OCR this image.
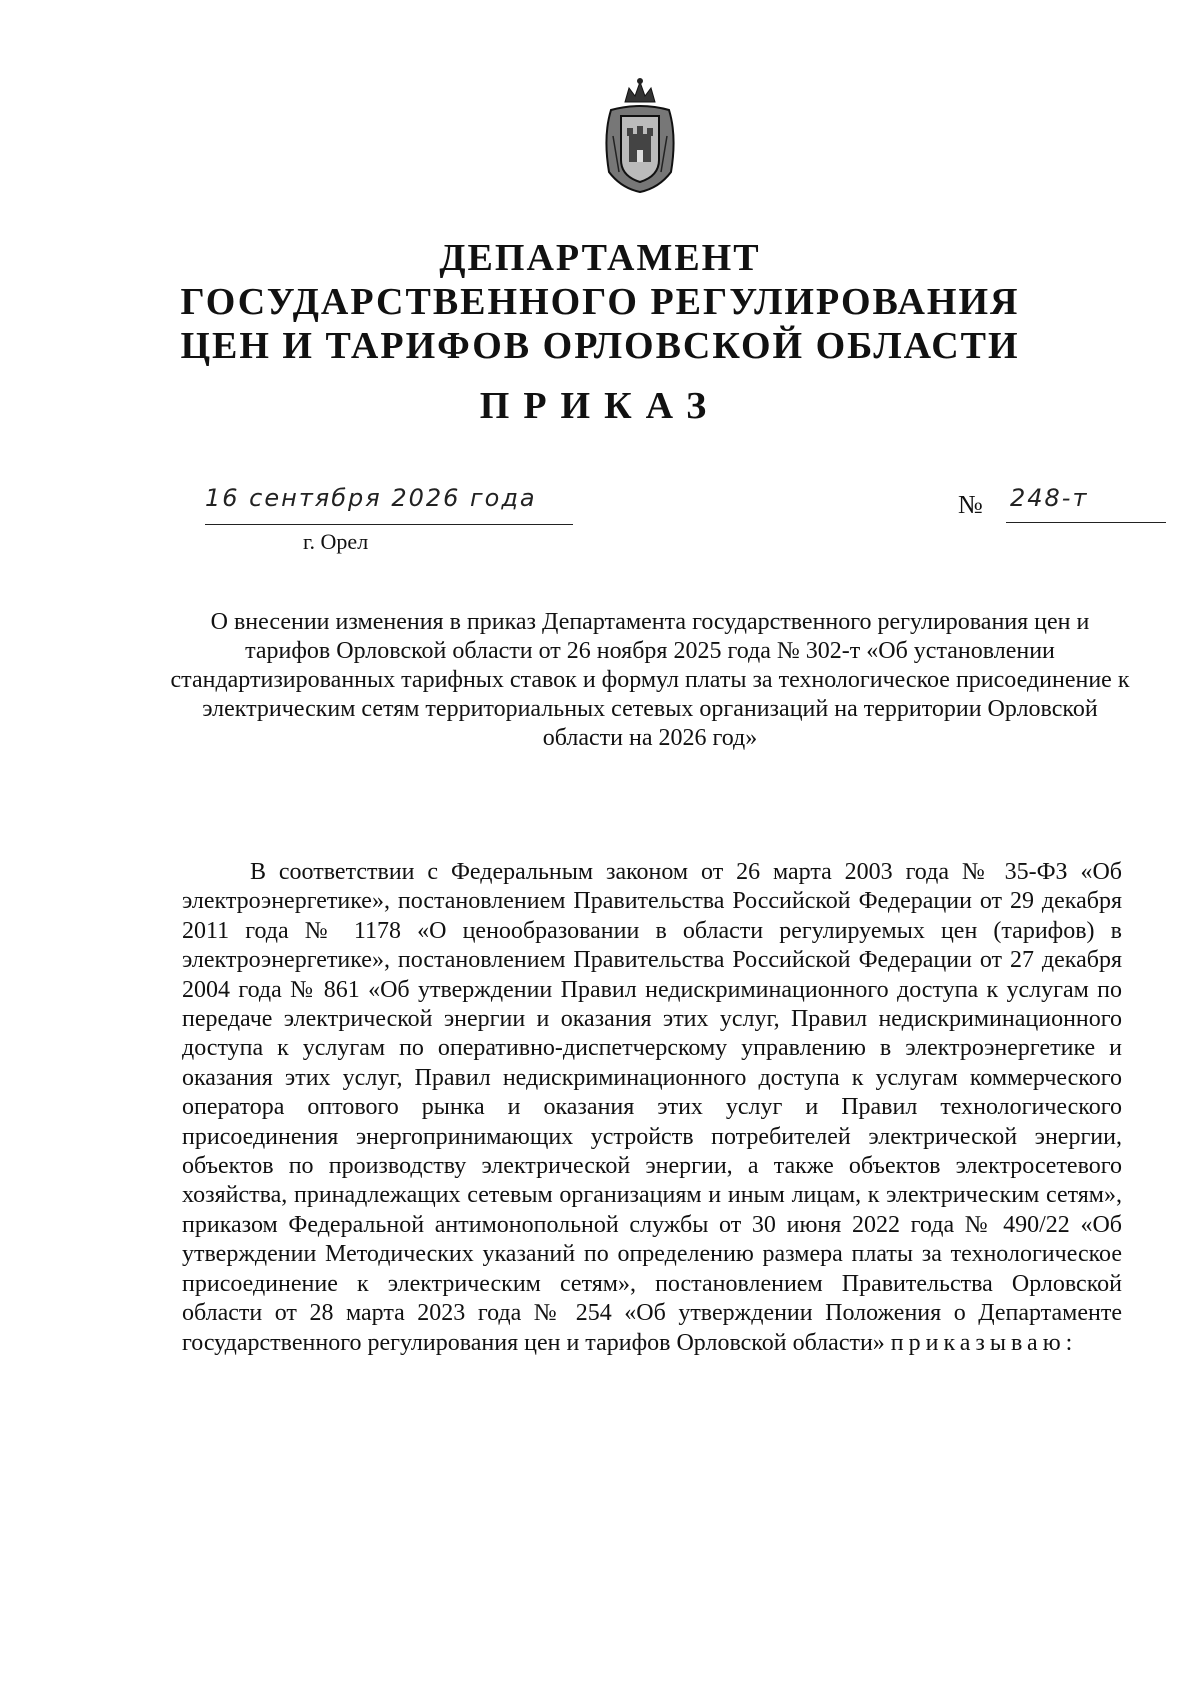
ДЕПАРТАМЕНТ
ГОСУДАРСТВЕННОГО РЕГУЛИРОВАНИЯ
ЦЕН И ТАРИФОВ ОРЛОВСКОЙ ОБЛАСТИ
ПРИКАЗ
16 сентября 2026 года
г. Орел
№ 248-т
О внесении изменения в приказ Департамента государственного регулирования цен и тарифов Орловской области от 26 ноября 2025 года № 302-т «Об установлении стандартизированных тарифных ставок и формул платы за технологическое присоединение к электрическим сетям территориальных сетевых организаций на территории Орловской области на 2026 год»
В соответствии с Федеральным законом от 26 марта 2003 года № 35-ФЗ «Об электроэнергетике», постановлением Правительства Российской Федерации от 29 декабря 2011 года № 1178 «О ценообразовании в области регулируемых цен (тарифов) в электроэнергетике», постановлением Правительства Российской Федерации от 27 декабря 2004 года № 861 «Об утверждении Правил недискриминационного доступа к услугам по передаче электрической энергии и оказания этих услуг, Правил недискриминационного доступа к услугам по оперативно-диспетчерскому управлению в электроэнергетике и оказания этих услуг, Правил недискриминационного доступа к услугам коммерческого оператора оптового рынка и оказания этих услуг и Правил технологического присоединения энергопринимающих устройств потребителей электрической энергии, объектов по производству электрической энергии, а также объектов электросетевого хозяйства, принадлежащих сетевым организациям и иным лицам, к электрическим сетям», приказом Федеральной антимонопольной службы от 30 июня 2022 года № 490/22 «Об утверждении Методических указаний по определению размера платы за технологическое присоединение к электрическим сетям», постановлением Правительства Орловской области от 28 марта 2023 года № 254 «Об утверждении Положения о Департаменте государственного регулирования цен и тарифов Орловской области» приказываю:
